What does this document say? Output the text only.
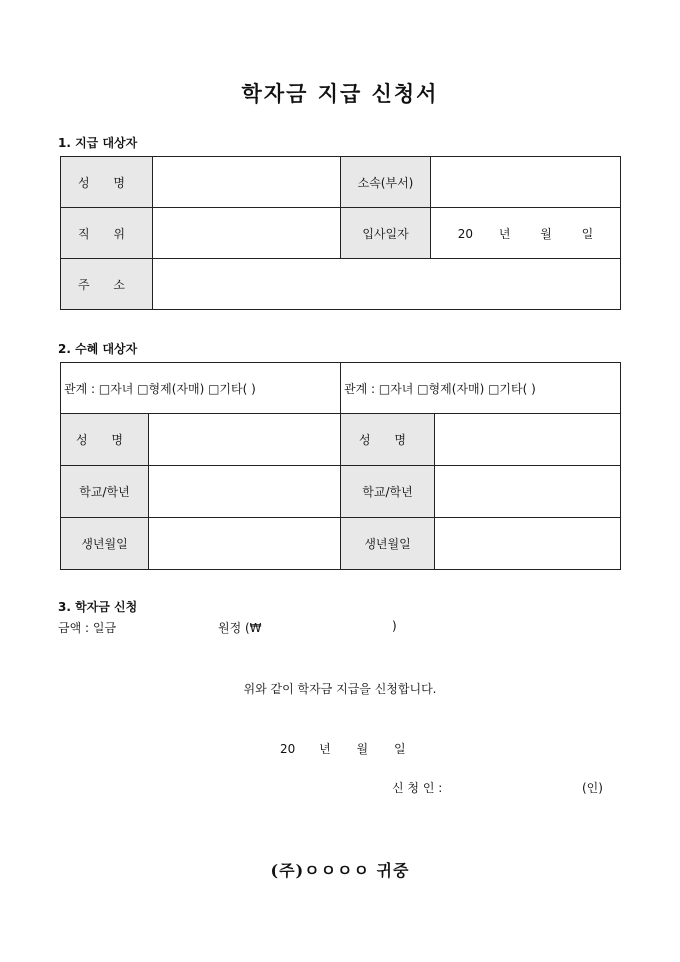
학자금 지급 신청서
1. 지급 대상자
성 명		소속(부서)	
직 위		입사일자	20 년 월 일
주 소			
2. 수혜 대상자
관계 : □자녀 □형제(자매) □기타( )		관계 : □자녀 □형제(자매) □기타( )	
성 명		성 명	
학교/학년		학교/학년	
생년월일		생년월일	
3. 학자금 신청
금액 : 일금	원정 (₩	)
위와 같이 학자금 지급을 신청합니다.
20 년 월 일
신 청 인 :	(인)
(주)ㅇㅇㅇㅇ 귀중
